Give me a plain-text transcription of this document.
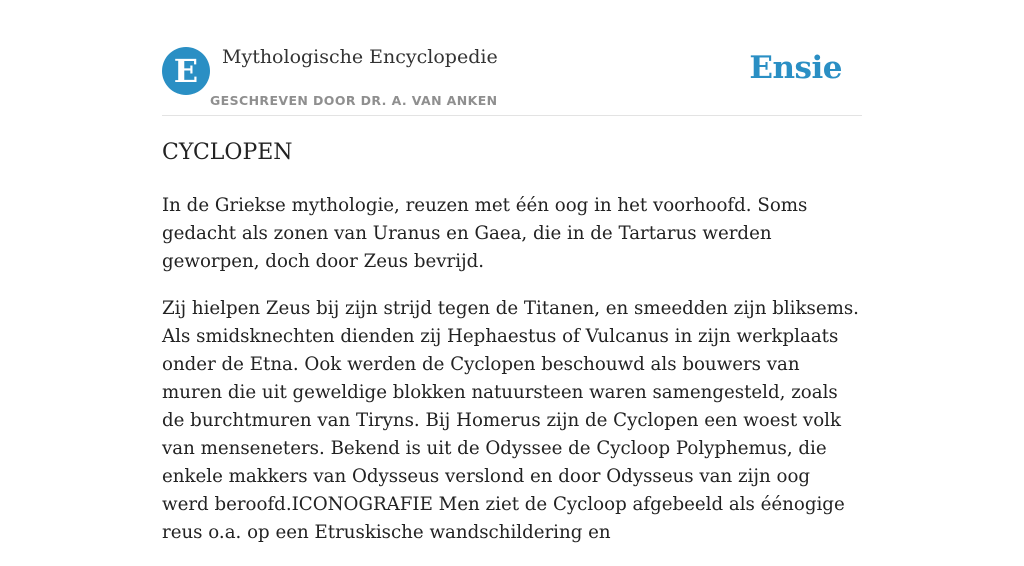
E	Mythologische Encyclopedie
GESCHREVEN DOOR DR. A. VAN ANKEN
Ensie
CYCLOPEN

In de Griekse mythologie, reuzen met één oog in het voorhoofd. Soms gedacht als zonen van Uranus en Gaea, die in de Tartarus werden geworpen, doch door Zeus bevrijd.

Zij hielpen Zeus bij zijn strijd tegen de Titanen, en smeedden zijn bliksems. Als smidsknechten dienden zij Hephaestus of Vulcanus in zijn werkplaats onder de Etna. Ook werden de Cyclopen beschouwd als bouwers van muren die uit geweldige blokken natuursteen waren samengesteld, zoals de burchtmuren van Tiryns. Bij Homerus zijn de Cyclopen een woest volk van menseneters. Bekend is uit de Odyssee de Cycloop Polyphemus, die enkele makkers van Odysseus verslond en door Odysseus van zijn oog werd beroofd.ICONOGRAFIE Men ziet de Cycloop afgebeeld als éénogige reus o.a. op een Etruskische wandschildering en
